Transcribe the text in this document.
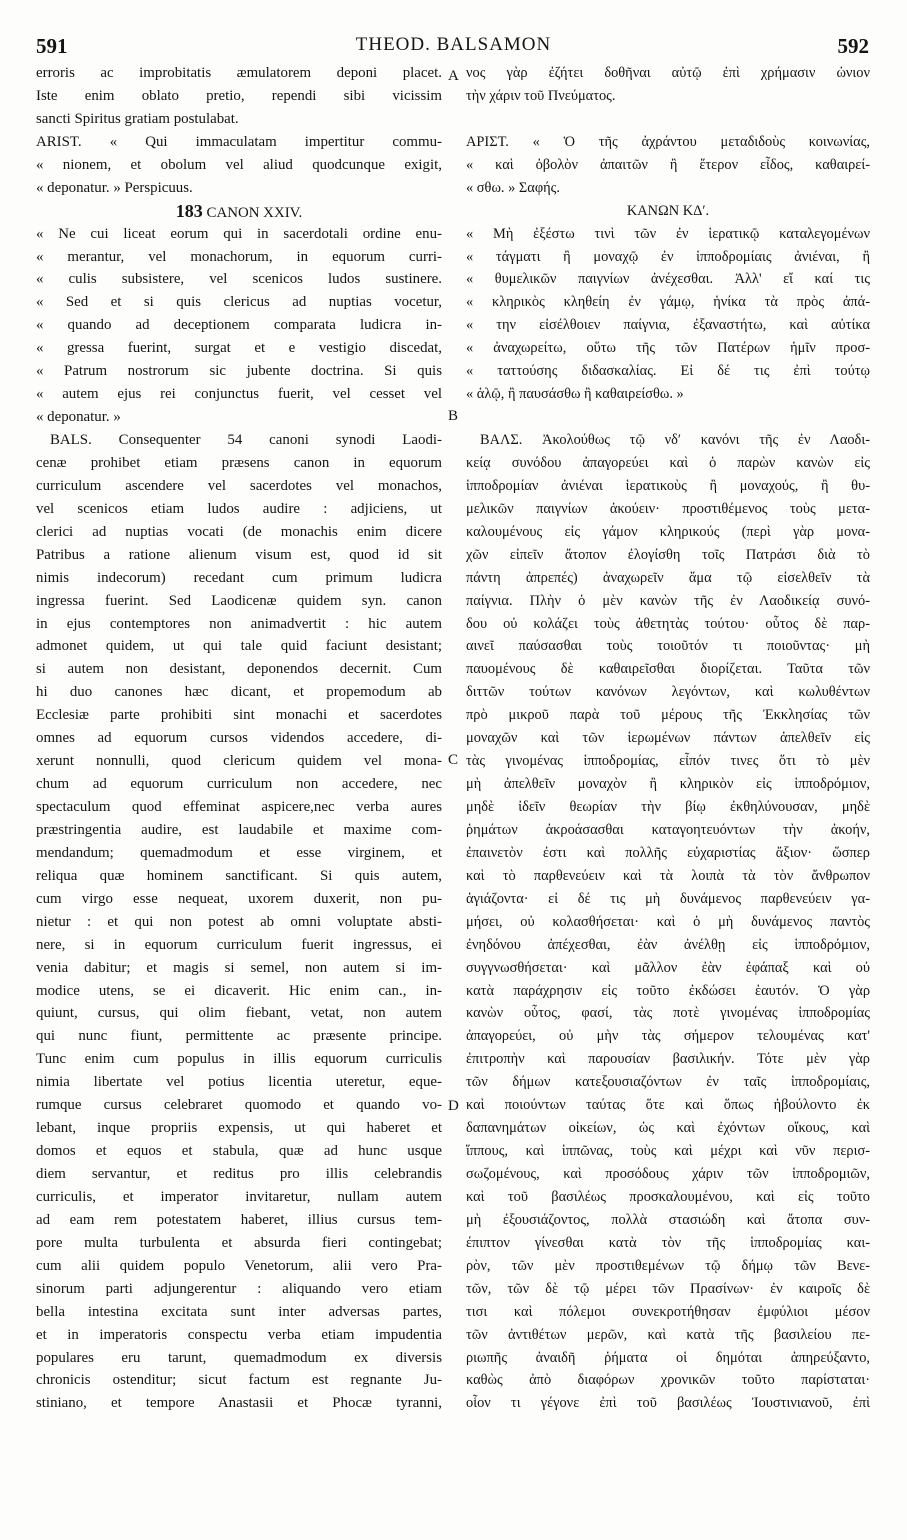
591	THEOD. BALSAMON	592
erroris ac improbitatis æmulatorem deponi placet.
Iste enim oblato pretio, rependi sibi vicissim
sancti Spiritus gratiam postulabat.
ARIST. « Qui immaculatam impertitur commu-
« nionem, et obolum vel aliud quodcunque exigit,
« deponatur. » Perspicuus.
183 CANON XXIV.
« Ne cui liceat eorum qui in sacerdotali ordine enu-
« merantur, vel monachorum, in equorum curri-
« culis subsistere, vel scenicos ludos sustinere.
« Sed et si quis clericus ad nuptias vocetur,
« quando ad deceptionem comparata ludicra in-
« gressa fuerint, surgat et e vestigio discedat,
« Patrum nostrorum sic jubente doctrina. Si quis
« autem ejus rei conjunctus fuerit, vel cesset vel
« deponatur. »
BALS. Consequenter 54 canoni synodi Laodi-
cenæ prohibet etiam præsens canon in equorum
curriculum ascendere vel sacerdotes vel monachos,
vel scenicos etiam ludos audire : adjiciens, ut
clerici ad nuptias vocati (de monachis enim dicere
Patribus a ratione alienum visum est, quod id sit
nimis indecorum) recedant cum primum ludicra
ingressa fuerint. Sed Laodicenæ quidem syn. canon
in ejus contemptores non animadvertit : hic autem
admonet quidem, ut qui tale quid faciunt desistant;
si autem non desistant, deponendos decernit. Cum
hi duo canones hæc dicant, et propemodum ab
Ecclesiæ parte prohibiti sint monachi et sacerdotes
omnes ad equorum cursos videndos accedere, di-
xerunt nonnulli, quod clericum quidem vel mona-
chum ad equorum curriculum non accedere, nec
spectaculum quod effeminat aspicere,nec verba aures
præstringentia audire, est laudabile et maxime com-
mendandum; quemadmodum et esse virginem, et
reliqua quæ hominem sanctificant. Si quis autem,
cum virgo esse nequeat, uxorem duxerit, non pu-
nietur : et qui non potest ab omni voluptate absti-
nere, si in equorum curriculum fuerit ingressus, ei
venia dabitur; et magis si semel, non autem si im-
modice utens, se ei dicaverit. Hic enim can., in-
quiunt, cursus, qui olim fiebant, vetat, non autem
qui nunc fiunt, permittente ac præsente principe.
Tunc enim cum populus in illis equorum curriculis
nimia libertate vel potius licentia uteretur, eque-
rumque cursus celebraret quomodo et quando vo-
lebant, inque propriis expensis, ut qui haberet et
domos et equos et stabula, quæ ad hunc usque
diem servantur, et reditus pro illis celebrandis
curriculis, et imperator invitaretur, nullam autem
ad eam rem potestatem haberet, illius cursus tem-
pore multa turbulenta et absurda fieri contingebat;
cum alii quidem populo Venetorum, alii vero Pra-
sinorum parti adjungerentur : aliquando vero etiam
bella intestina excitata sunt inter adversas partes,
et in imperatoris conspectu verba etiam impudentia
populares eru tarunt, quemadmodum ex diversis
chronicis ostenditur; sicut factum est regnante Ju-
stiniano, et tempore Anastasii et Phocæ tyranni,
νος γὰρ ἐζήτει δοθῆναι αὐτῷ ἐπὶ χρήμασιν ὠνιον
τὴν χάριν τοῦ Πνεύματος.
ΑΡΙΣΤ. « Ὁ τῆς ἀχράντου μεταδιδοὺς κοινωνίας,
« καὶ ὀβολὸν ἀπαιτῶν ἢ ἕτερον εἶδος, καθαιρεί-
« σθω. » Σαφής.
ΚΑΝΩΝ ΚΔʹ.
« Μὴ ἐξέστω τινὶ τῶν ἐν ἱερατικῷ καταλεγομένων
« τάγματι ἢ μοναχῷ ἐν ἱπποδρομίαις ἀνιέναι, ἢ
« θυμελικῶν παιγνίων ἀνέχεσθαι. Ἀλλ' εἴ καί τις
« κληρικὸς κληθείη ἐν γάμῳ, ἡνίκα τὰ πρὸς ἀπά-
« την εἰσέλθοιεν παίγνια, ἐξαναστήτω, καὶ αὐτίκα
« ἀναχωρείτω, οὕτω τῆς τῶν Πατέρων ἡμῖν προσ-
« ταττούσης διδασκαλίας. Εἰ δέ τις ἐπὶ τούτῳ
« ἁλῷ, ἢ παυσάσθω ἢ καθαιρείσθω. »
ΒΑΛΣ. Ἀκολούθως τῷ νδʹ κανόνι τῆς ἐν Λαοδι-
κείᾳ συνόδου ἀπαγορεύει καὶ ὁ παρὼν κανὼν εἰς
ἱπποδρομίαν ἀνιέναι ἱερατικοὺς ἢ μοναχούς, ἢ θυ-
μελικῶν παιγνίων ἀκούειν· προστιθέμενος τοὺς μετα-
καλουμένους εἰς γάμον κληρικούς (περὶ γὰρ μονα-
χῶν εἰπεῖν ἄτοπον ἐλογίσθη τοῖς Πατράσι διὰ τὸ
πάντη ἀπρεπές) ἀναχωρεῖν ἅμα τῷ εἰσελθεῖν τὰ
παίγνια. Πλὴν ὁ μὲν κανὼν τῆς ἐν Λαοδικείᾳ συνό-
δου οὐ κολάζει τοὺς ἀθετητὰς τούτου· οὗτος δὲ παρ-
αινεῖ παύσασθαι τοὺς τοιοῦτόν τι ποιοῦντας· μὴ
παυομένους δὲ καθαιρεῖσθαι διορίζεται. Ταῦτα τῶν
διττῶν τούτων κανόνων λεγόντων, καὶ κωλυθέντων
πρὸ μικροῦ παρὰ τοῦ μέρους τῆς Ἐκκλησίας τῶν
μοναχῶν καὶ τῶν ἱερωμένων πάντων ἀπελθεῖν εἰς
τὰς γινομένας ἱπποδρομίας, εἶπόν τινες ὅτι τὸ μὲν
μὴ ἀπελθεῖν μοναχὸν ἢ κληρικὸν εἰς ἱπποδρόμιον,
μηδὲ ἰδεῖν θεωρίαν τὴν βίῳ ἐκθηλύνουσαν, μηδὲ
ῥημάτων ἀκροάσασθαι καταγοητευόντων τὴν ἀκοήν,
ἐπαινετὸν ἐστι καὶ πολλῆς εὐχαριστίας ἄξιον· ὥσπερ
καὶ τὸ παρθενεύειν καὶ τὰ λοιπὰ τὰ τὸν ἄνθρωπον
ἁγιάζοντα· εἰ δέ τις μὴ δυνάμενος παρθενεύειν γα-
μήσει, οὐ κολασθήσεται· καὶ ὁ μὴ δυνάμενος παντὸς
ἐνηδόνου ἀπέχεσθαι, ἐὰν ἀνέλθῃ εἰς ἱπποδρόμιον,
συγγνωσθήσεται· καὶ μᾶλλον ἐὰν ἐφάπαξ καὶ οὐ
κατὰ παράχρησιν εἰς τοῦτο ἐκδώσει ἑαυτόν. Ὁ γὰρ
κανὼν οὗτος, φασί, τὰς ποτὲ γινομένας ἱπποδρομίας
ἀπαγορεύει, οὐ μὴν τὰς σήμερον τελουμένας κατ'
ἐπιτροπὴν καὶ παρουσίαν βασιλικήν. Τότε μὲν γὰρ
τῶν δήμων κατεξουσιαζόντων ἐν ταῖς ἱπποδρομίαις,
καὶ ποιούντων ταύτας ὅτε καὶ ὅπως ἠβούλοντο ἐκ
δαπανημάτων οἰκείων, ὡς καὶ ἐχόντων οἴκους, καὶ
ἵππους, καὶ ἱππῶνας, τοὺς καὶ μέχρι καὶ νῦν περισ-
σωζομένους, καὶ προσόδους χάριν τῶν ἱπποδρομιῶν,
καὶ τοῦ βασιλέως προσκαλουμένου, καὶ εἰς τοῦτο
μὴ ἐξουσιάζοντος, πολλὰ στασιώδη καὶ ἄτοπα συν-
έπιπτον γίνεσθαι κατὰ τὸν τῆς ἱπποδρομίας και-
ρὸν, τῶν μὲν προστιθεμένων τῷ δήμῳ τῶν Βενε-
τῶν, τῶν δὲ τῷ μέρει τῶν Πρασίνων· ἐν καιροῖς δὲ
τισι καὶ πόλεμοι συνεκροτήθησαν ἐμφύλιοι μέσον
τῶν ἀντιθέτων μερῶν, καὶ κατὰ τῆς βασιλείου πε-
ριωπῆς ἀναιδῆ ῥήματα οἱ δημόται ἀπηρεύξαντο,
καθὼς ἀπὸ διαφόρων χρονικῶν τοῦτο παρίσταται·
οἷον τι γέγονε ἐπὶ τοῦ βασιλέως Ἰουστινιανοῦ, ἐπὶ
A
B
C
D
